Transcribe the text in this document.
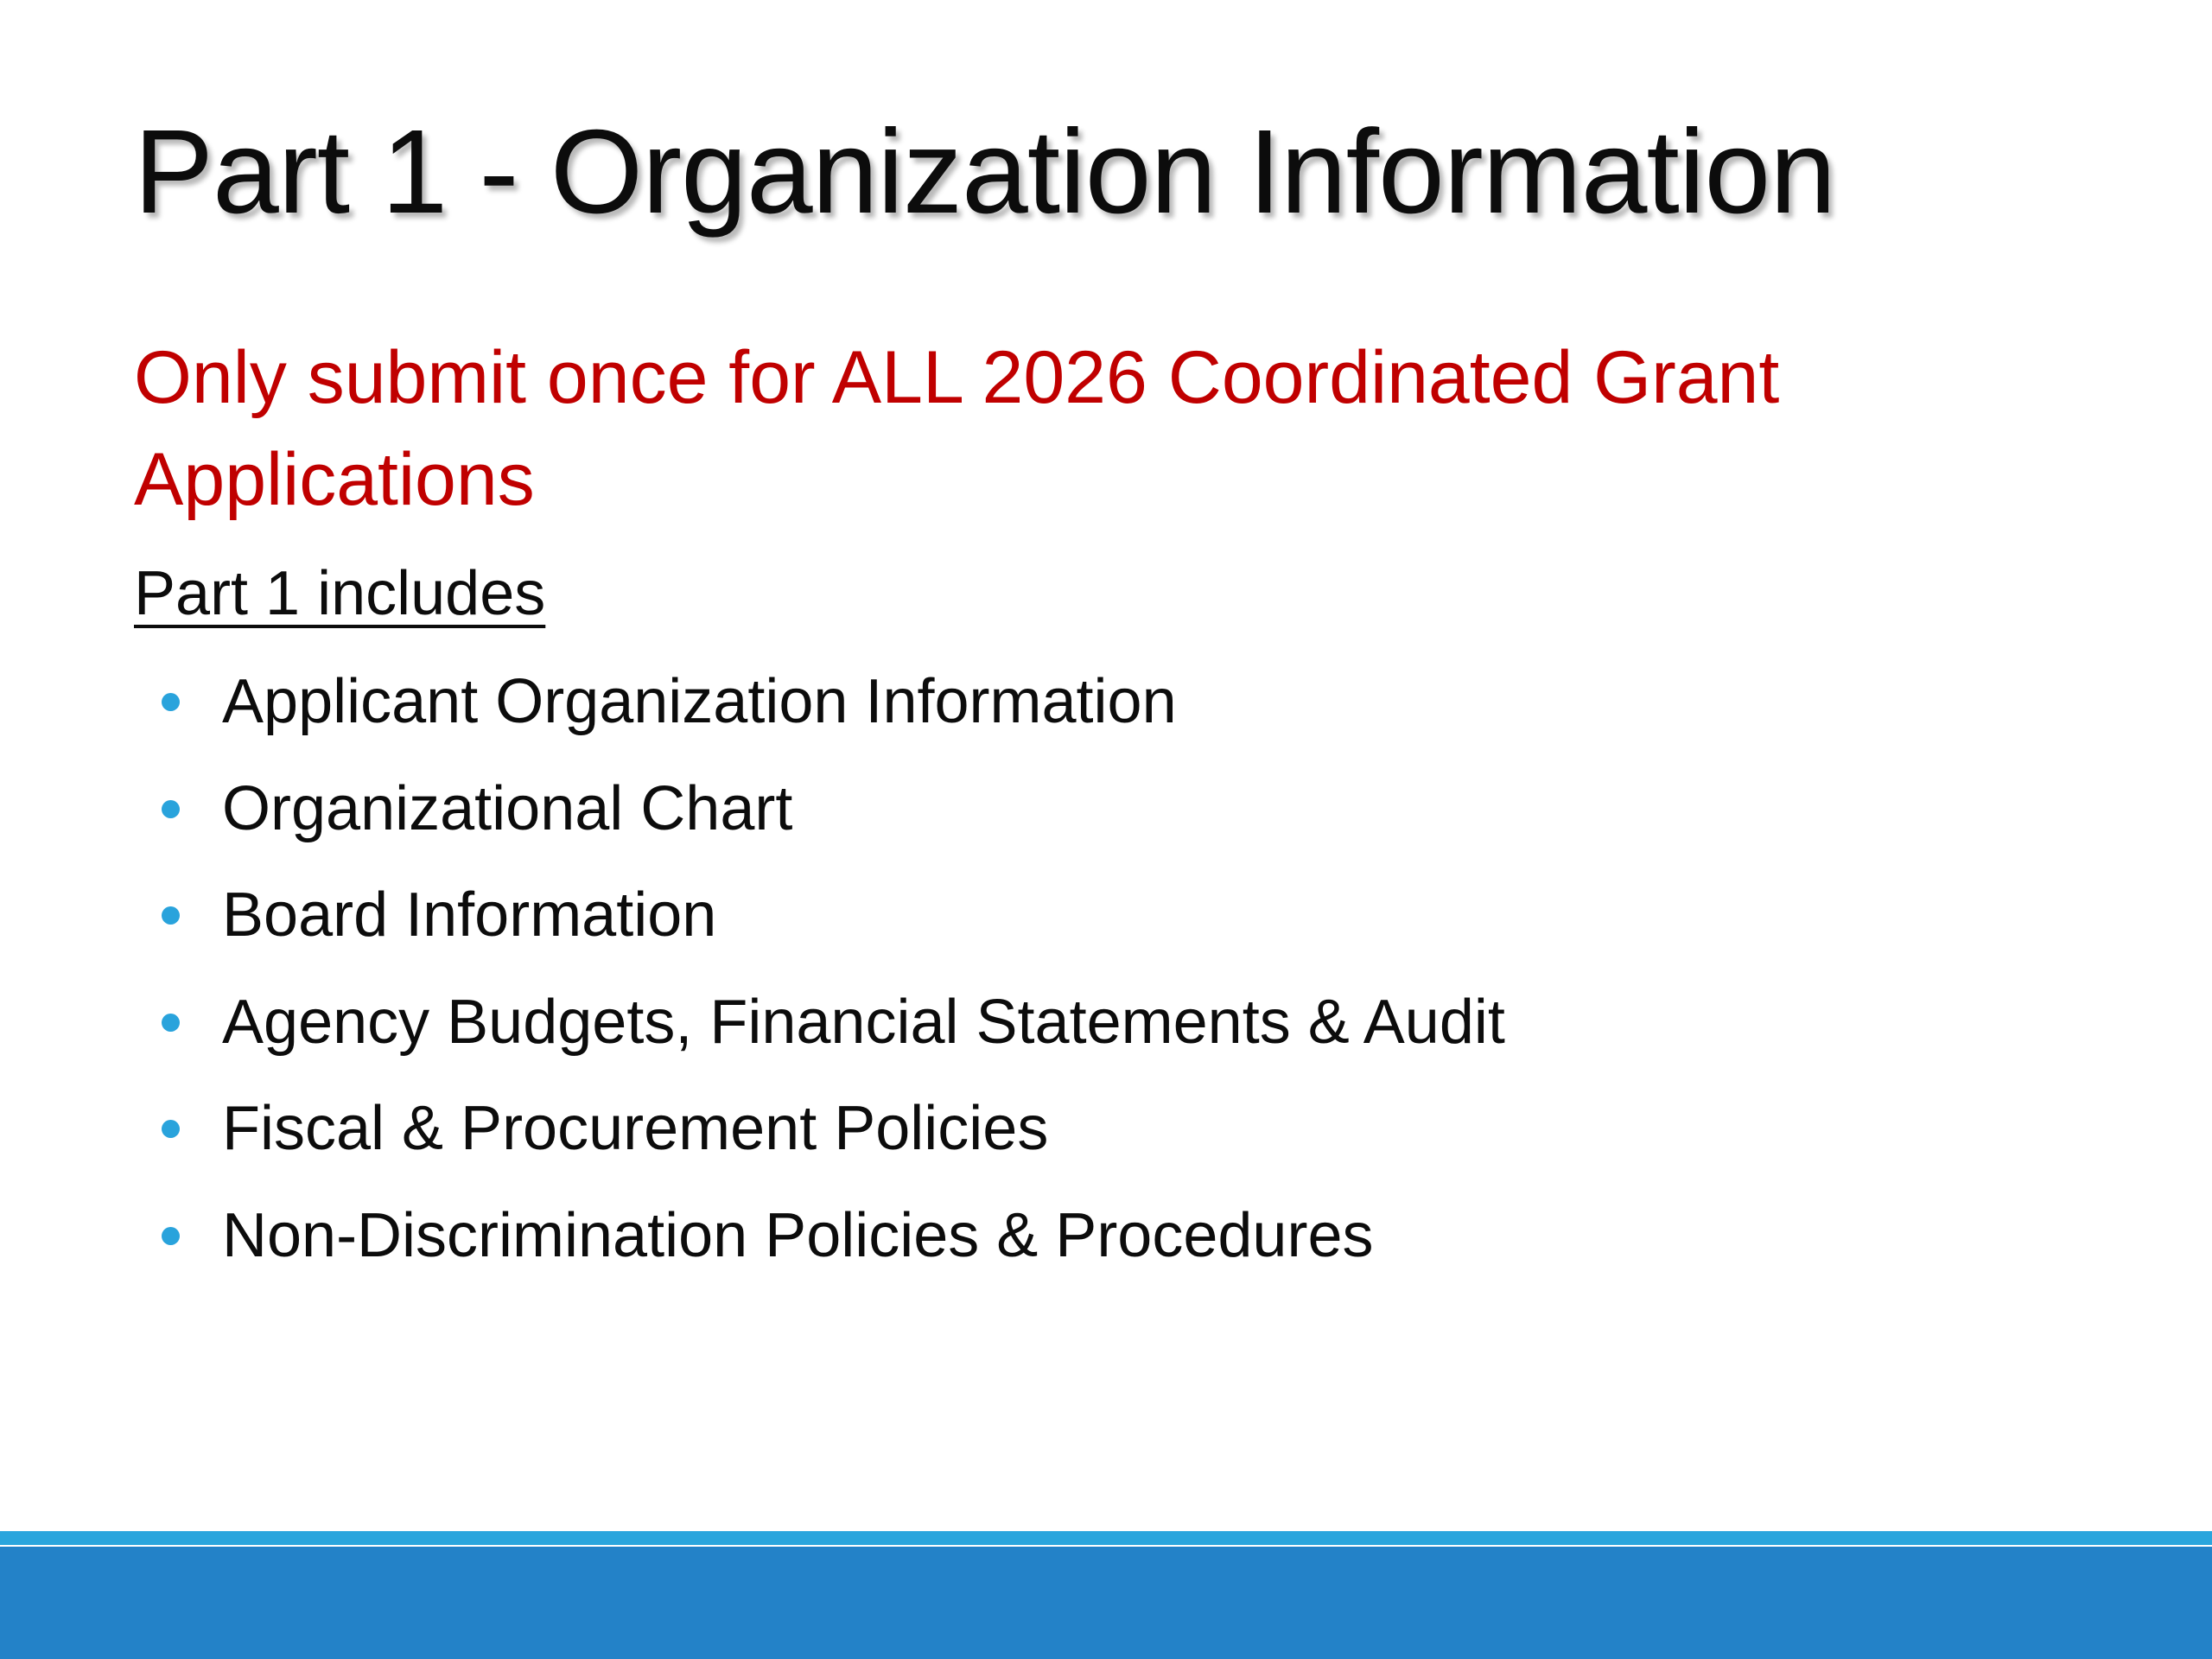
Part 1 - Organization Information

Only submit once for ALL 2026 Coordinated Grant Applications

Part 1 includes

Applicant Organization Information
Organizational Chart
Board Information
Agency Budgets, Financial Statements & Audit
Fiscal & Procurement Policies
Non-Discrimination Policies & Procedures
